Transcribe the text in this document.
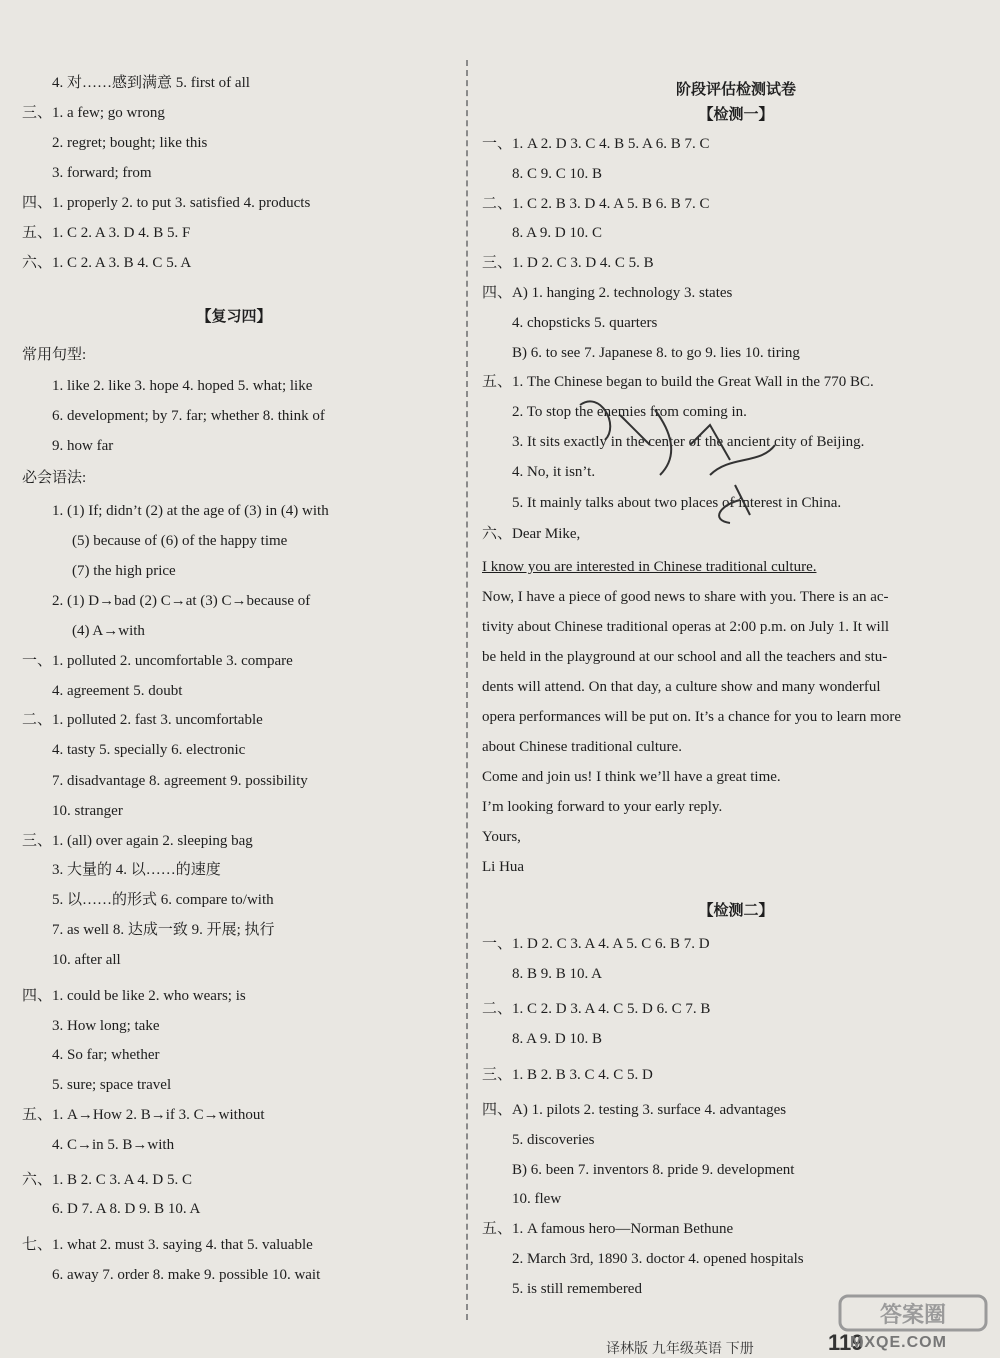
4. 对……感到满意 5. first of all
三、1. a few; go wrong
2. regret; bought; like this
3. forward; from
四、1. properly 2. to put 3. satisfied 4. products
五、1. C 2. A 3. D 4. B 5. F
六、1. C 2. A 3. B 4. C 5. A
常用句型:
1. like 2. like 3. hope 4. hoped 5. what; like
6. development; by 7. far; whether 8. think of
9. how far
必会语法:
1. (1) If; didn’t (2) at the age of (3) in (4) with
(5) because of (6) of the happy time
(7) the high price
2. (1) D→bad (2) C→at (3) C→because of
(4) A→with
一、1. polluted 2. uncomfortable 3. compare
4. agreement 5. doubt
二、1. polluted 2. fast 3. uncomfortable
4. tasty 5. specially 6. electronic
7. disadvantage 8. agreement 9. possibility
10. stranger
三、1. (all) over again 2. sleeping bag
3. 大量的 4. 以……的速度
5. 以……的形式 6. compare to/with
7. as well 8. 达成一致 9. 开展; 执行
10. after all
四、1. could be like 2. who wears; is
3. How long; take
4. So far; whether
5. sure; space travel
五、1. A→How 2. B→if 3. C→without
4. C→in 5. B→with
六、1. B 2. C 3. A 4. D 5. C
6. D 7. A 8. D 9. B 10. A
七、1. what 2. must 3. saying 4. that 5. valuable
6. away 7. order 8. make 9. possible 10. wait
【复习四】
阶段评估检测试卷
【检测一】
【检测二】
一、1. A 2. D 3. C 4. B 5. A 6. B 7. C
8. C 9. C 10. B
二、1. C 2. B 3. D 4. A 5. B 6. B 7. C
8. A 9. D 10. C
三、1. D 2. C 3. D 4. C 5. B
四、A) 1. hanging 2. technology 3. states
4. chopsticks 5. quarters
B) 6. to see 7. Japanese 8. to go 9. lies 10. tiring
五、1. The Chinese began to build the Great Wall in the 770 BC.
2. To stop the enemies from coming in.
3. It sits exactly in the center of the ancient city of Beijing.
4. No, it isn’t.
5. It mainly talks about two places of interest in China.
六、Dear Mike,
I know you are interested in Chinese traditional culture.
Now, I have a piece of good news to share with you. There is an ac-
tivity about Chinese traditional operas at 2:00 p.m. on July 1. It will
be held in the playground at our school and all the teachers and stu-
dents will attend. On that day, a culture show and many wonderful
opera performances will be put on. It’s a chance for you to learn more
about Chinese traditional culture.
Come and join us! I think we’ll have a great time.
I’m looking forward to your early reply.
Yours,
Li Hua
一、1. D 2. C 3. A 4. A 5. C 6. B 7. D
8. B 9. B 10. A
二、1. C 2. D 3. A 4. C 5. D 6. C 7. B
8. A 9. D 10. B
三、1. B 2. B 3. C 4. C 5. D
四、A) 1. pilots 2. testing 3. surface 4. advantages
5. discoveries
B) 6. been 7. inventors 8. pride 9. development
10. flew
五、1. A famous hero—Norman Bethune
2. March 3rd, 1890 3. doctor 4. opened hospitals
5. is still remembered
译林版 九年级英语 下册	119
答案圈
MXQE.COM
